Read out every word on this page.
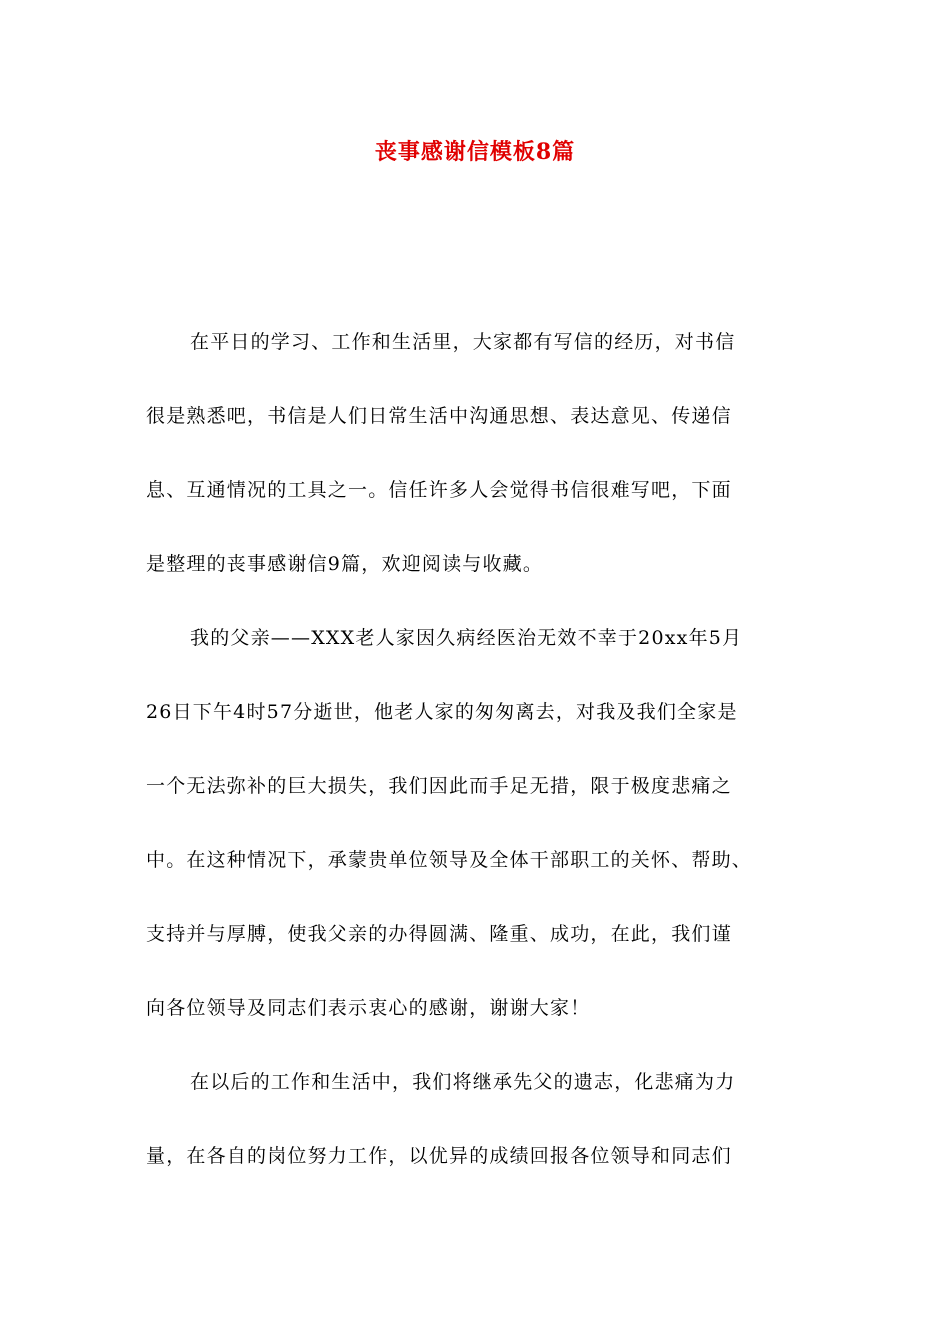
丧事感谢信模板8篇
在平日的学习、工作和生活里，大家都有写信的经历，对书信
很是熟悉吧，书信是人们日常生活中沟通思想、表达意见、传递信
息、互通情况的工具之一。信任许多人会觉得书信很难写吧，下面
是整理的丧事感谢信9篇，欢迎阅读与收藏。
我的父亲——XXX老人家因久病经医治无效不幸于20xx年5月
26日下午4时57分逝世，他老人家的匆匆离去，对我及我们全家是
一个无法弥补的巨大损失，我们因此而手足无措，限于极度悲痛之
中。在这种情况下，承蒙贵单位领导及全体干部职工的关怀、帮助、
支持并与厚膊，使我父亲的办得圆满、隆重、成功，在此，我们谨
向各位领导及同志们表示衷心的感谢，谢谢大家！
在以后的工作和生活中，我们将继承先父的遗志，化悲痛为力
量，在各自的岗位努力工作，以优异的成绩回报各位领导和同志们
